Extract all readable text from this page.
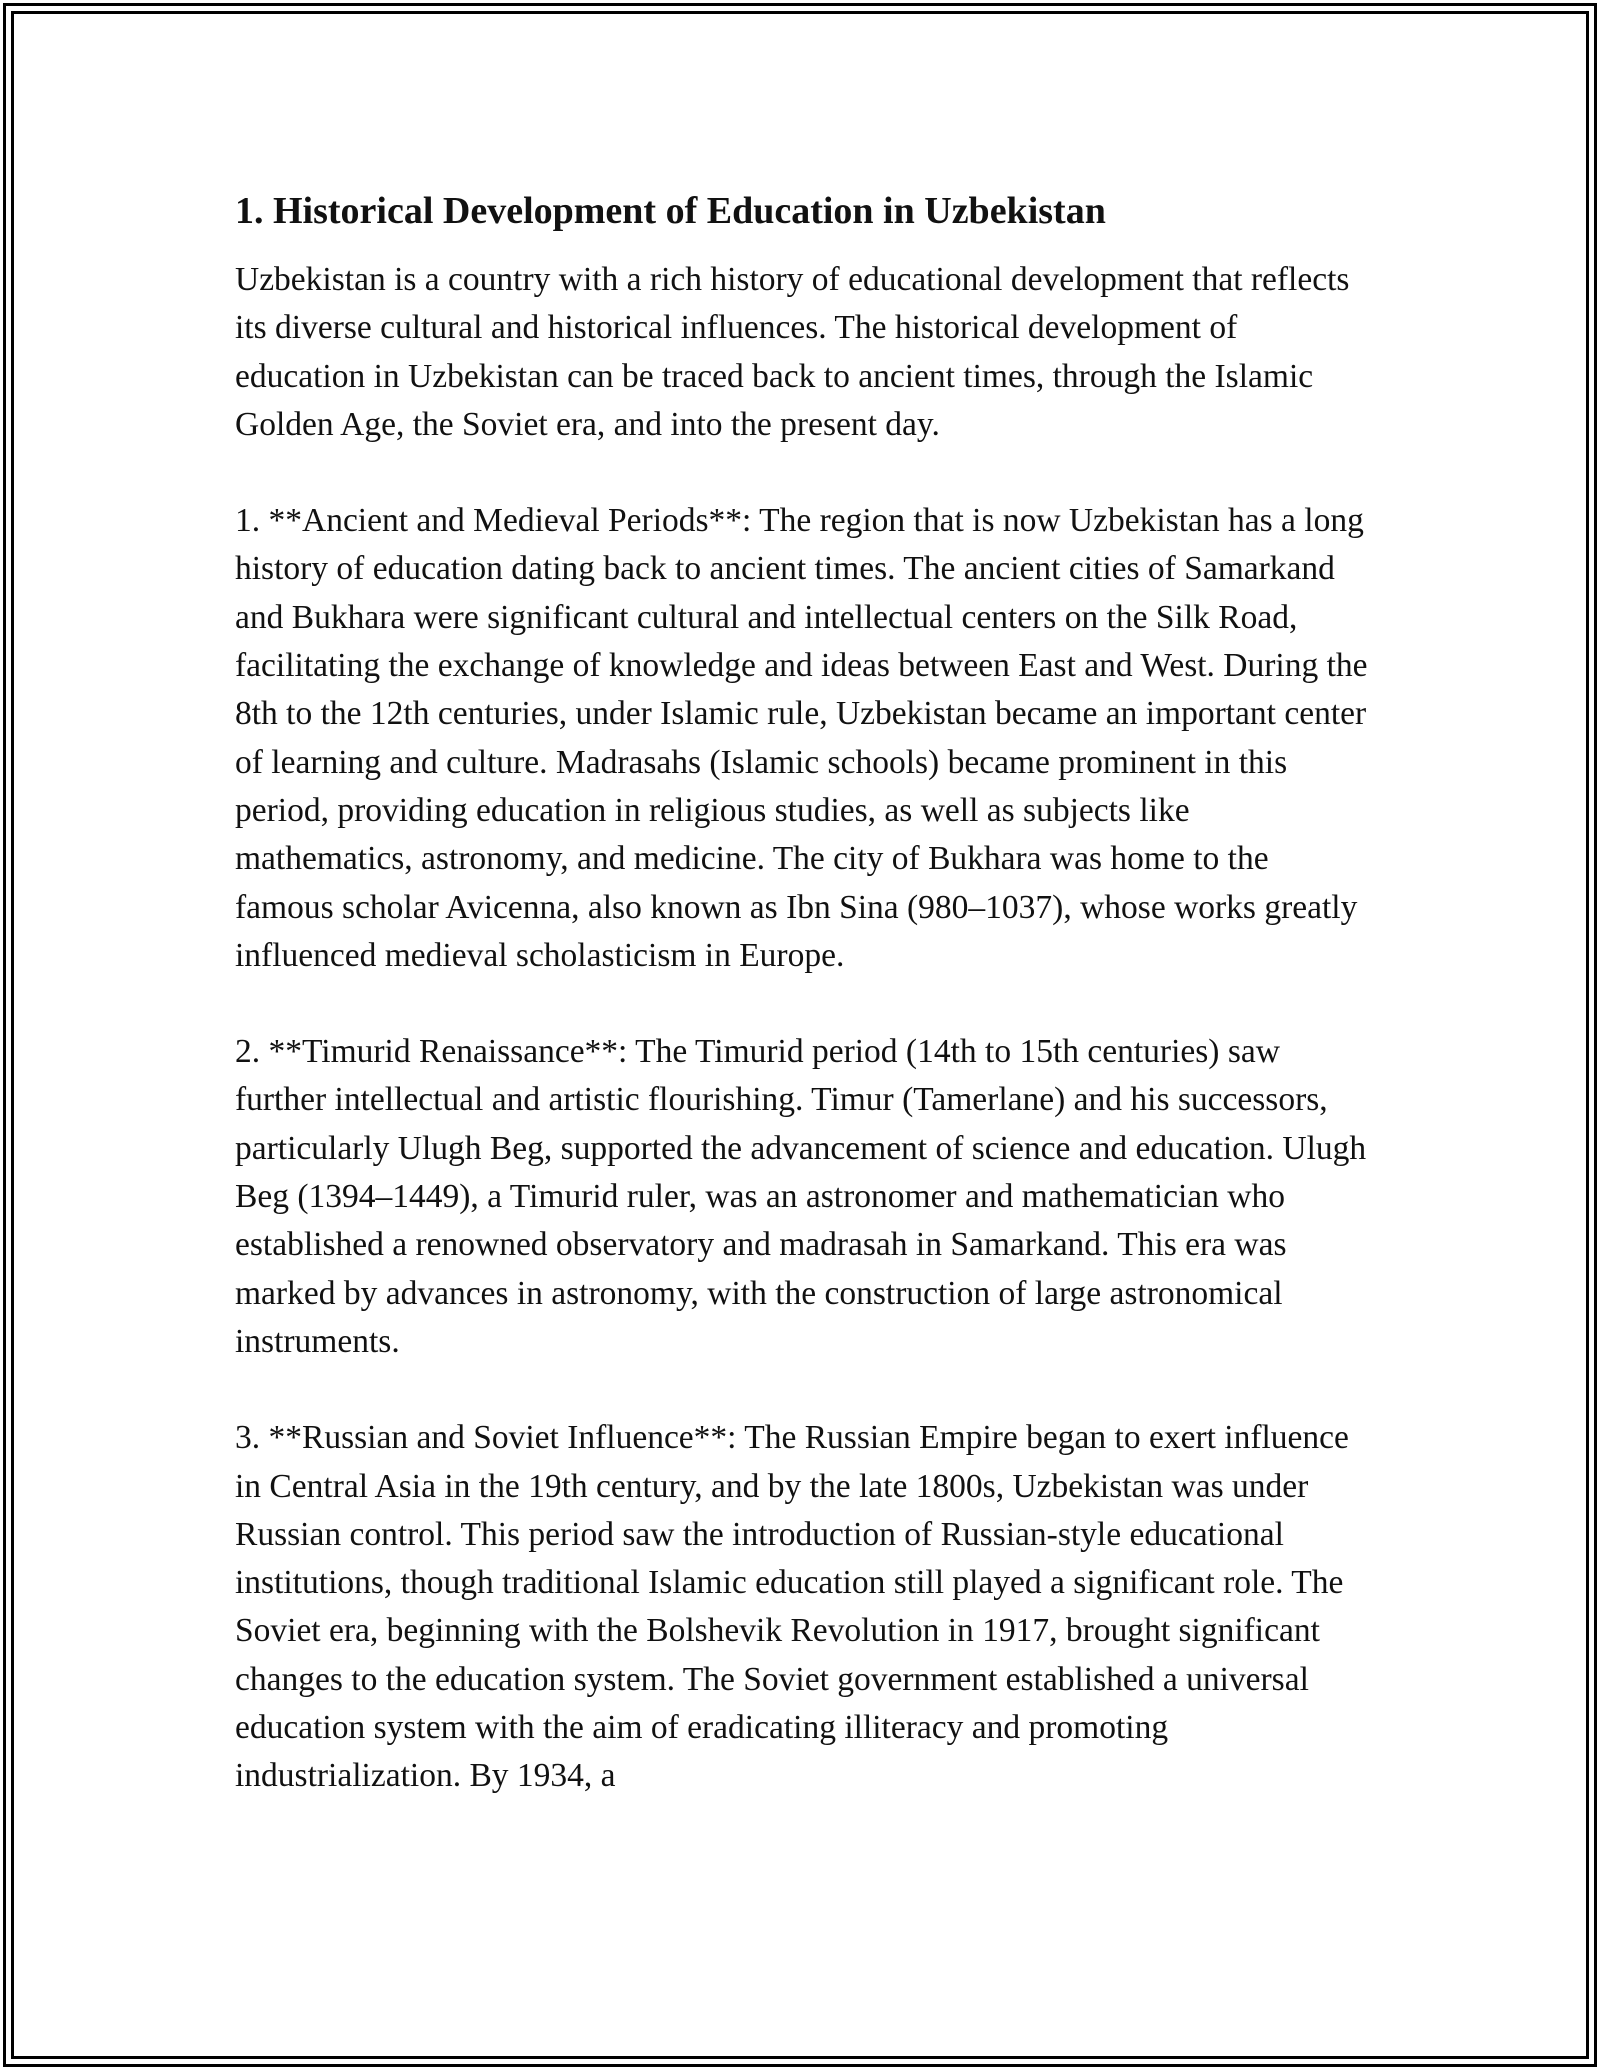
1. Historical Development of Education in Uzbekistan

Uzbekistan is a country with a rich history of educational development that reflects its diverse cultural and historical influences. The historical development of education in Uzbekistan can be traced back to ancient times, through the Islamic Golden Age, the Soviet era, and into the present day.

1. **Ancient and Medieval Periods**: The region that is now Uzbekistan has a long history of education dating back to ancient times. The ancient cities of Samarkand and Bukhara were significant cultural and intellectual centers on the Silk Road, facilitating the exchange of knowledge and ideas between East and West. During the 8th to the 12th centuries, under Islamic rule, Uzbekistan became an important center of learning and culture. Madrasahs (Islamic schools) became prominent in this period, providing education in religious studies, as well as subjects like mathematics, astronomy, and medicine. The city of Bukhara was home to the famous scholar Avicenna, also known as Ibn Sina (980–1037), whose works greatly influenced medieval scholasticism in Europe.

2. **Timurid Renaissance**: The Timurid period (14th to 15th centuries) saw further intellectual and artistic flourishing. Timur (Tamerlane) and his successors, particularly Ulugh Beg, supported the advancement of science and education. Ulugh Beg (1394–1449), a Timurid ruler, was an astronomer and mathematician who established a renowned observatory and madrasah in Samarkand. This era was marked by advances in astronomy, with the construction of large astronomical instruments.

3. **Russian and Soviet Influence**: The Russian Empire began to exert influence in Central Asia in the 19th century, and by the late 1800s, Uzbekistan was under Russian control. This period saw the introduction of Russian-style educational institutions, though traditional Islamic education still played a significant role. The Soviet era, beginning with the Bolshevik Revolution in 1917, brought significant changes to the education system. The Soviet government established a universal education system with the aim of eradicating illiteracy and promoting industrialization. By 1934, a
